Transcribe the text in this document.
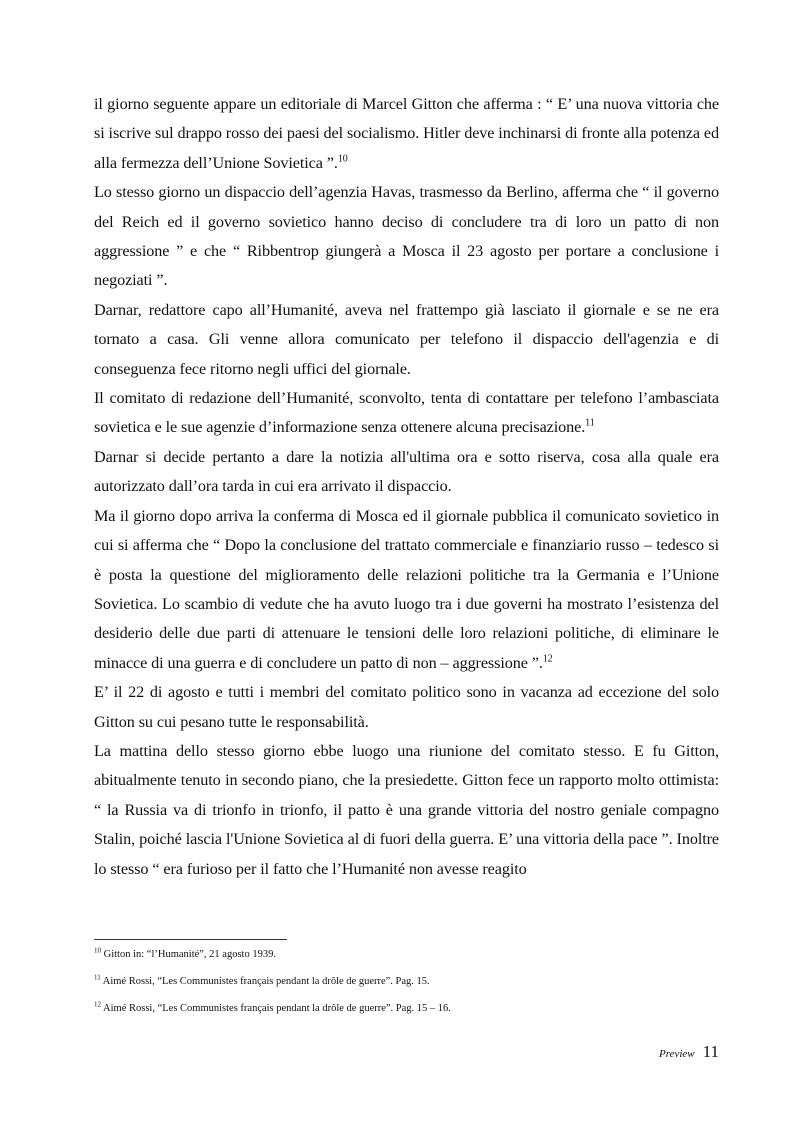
il giorno seguente appare un editoriale di Marcel Gitton che afferma : “ E’ una nuova vittoria che si iscrive sul drappo rosso dei paesi del socialismo. Hitler deve inchinarsi di fronte alla potenza ed alla fermezza dell’Unione Sovietica ”.$^{10}$

Lo stesso giorno un dispaccio dell’agenzia Havas, trasmesso da Berlino, afferma che “ il governo del Reich ed il governo sovietico hanno deciso di concludere tra di loro un patto di non aggressione ” e che “ Ribbentrop giungerà a Mosca il 23 agosto per portare a conclusione i negoziati ”.

Darnar, redattore capo all’Humanité, aveva nel frattempo già lasciato il giornale e se ne era tornato a casa. Gli venne allora comunicato per telefono il dispaccio dell'agenzia e di conseguenza fece ritorno negli uffici del giornale.

Il comitato di redazione dell’Humanité, sconvolto, tenta di contattare per telefono l’ambasciata sovietica e le sue agenzie d’informazione senza ottenere alcuna precisazione.$^{11}$

Darnar si decide pertanto a dare la notizia all'ultima ora e sotto riserva, cosa alla quale era autorizzato dall’ora tarda in cui era arrivato il dispaccio.

Ma il giorno dopo arriva la conferma di Mosca ed il giornale pubblica il comunicato sovietico in cui si afferma che “ Dopo la conclusione del trattato commerciale e finanziario russo – tedesco si è posta la questione del miglioramento delle relazioni politiche tra la Germania e l’Unione Sovietica. Lo scambio di vedute che ha avuto luogo tra i due governi ha mostrato l’esistenza del desiderio delle due parti di attenuare le tensioni delle loro relazioni politiche, di eliminare le minacce di una guerra e di concludere un patto di non – aggressione ”.$^{12}$

E’ il 22 di agosto e tutti i membri del comitato politico sono in vacanza ad eccezione del solo Gitton su cui pesano tutte le responsabilità.

La mattina dello stesso giorno ebbe luogo una riunione del comitato stesso. E fu Gitton, abitualmente tenuto in secondo piano, che la presiedette. Gitton fece un rapporto molto ottimista: “ la Russia va di trionfo in trionfo, il patto è una grande vittoria del nostro geniale compagno Stalin, poiché lascia l'Unione Sovietica al di fuori della guerra. E’ una vittoria della pace ”. Inoltre lo stesso “ era furioso per il fatto che l’Humanité non avesse reagito

$^{10}$ Gitton in: “l’Humanité”, 21 agosto 1939.

$^{11}$ Aimé Rossi, “Les Communistes français pendant la drôle de guerre”. Pag. 15.

$^{12}$ Aimé Rossi, “Les Communistes français pendant la drôle de guerre”. Pag. 15 – 16.

Preview 11
